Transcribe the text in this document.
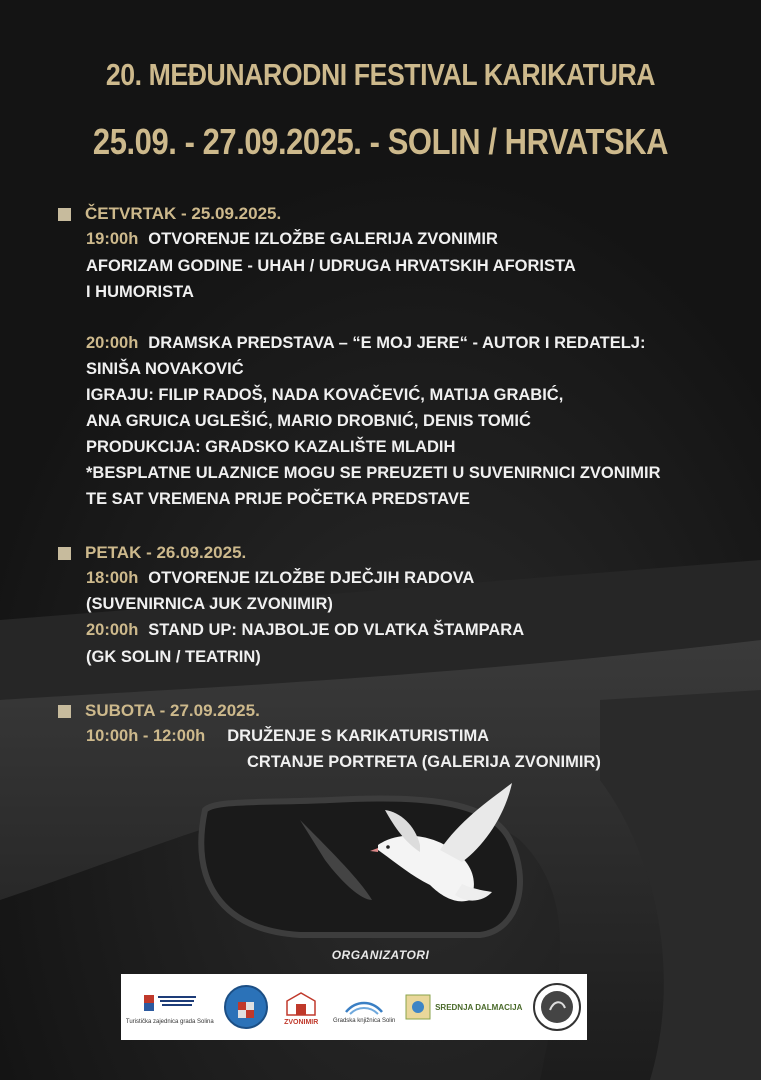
20. MEĐUNARODNI FESTIVAL KARIKATURA
25.09. - 27.09.2025. - SOLIN / HRVATSKA
ČETVRTAK - 25.09.2025.
19:00h OTVORENJE IZLOŽBE GALERIJA ZVONIMIR
AFORIZAM GODINE - UHAH / UDRUGA HRVATSKIH AFORISTA
I HUMORISTA
20:00h DRAMSKA PREDSTAVA – “E MOJ JERE“ - AUTOR I REDATELJ:
SINIŠA NOVAKOVIĆ
IGRAJU: FILIP RADOŠ, NADA KOVAČEVIĆ, MATIJA GRABIĆ,
ANA GRUICA UGLEŠIĆ, MARIO DROBNIĆ, DENIS TOMIĆ
PRODUKCIJA: GRADSKO KAZALIŠTE MLADIH
*BESPLATNE ULAZNICE MOGU SE PREUZETI U SUVENIRNICI ZVONIMIR
TE SAT VREMENA PRIJE POČETKA PREDSTAVE
PETAK - 26.09.2025.
18:00h OTVORENJE IZLOŽBE DJEČJIH RADOVA
(SUVENIRNICA JUK ZVONIMIR)
20:00h STAND UP: NAJBOLJE OD VLATKA ŠTAMPARA
(GK SOLIN / TEATRIN)
SUBOTA - 27.09.2025.
10:00h - 12:00h DRUŽENJE S KARIKATURISTIMA
CRTANJE PORTRETA (GALERIJA ZVONIMIR)
ORGANIZATORI
Turistička zajednica grada Solina	ZVONIMIR Gradska knjižnica Solin
SREDNJA DALMACIJA
